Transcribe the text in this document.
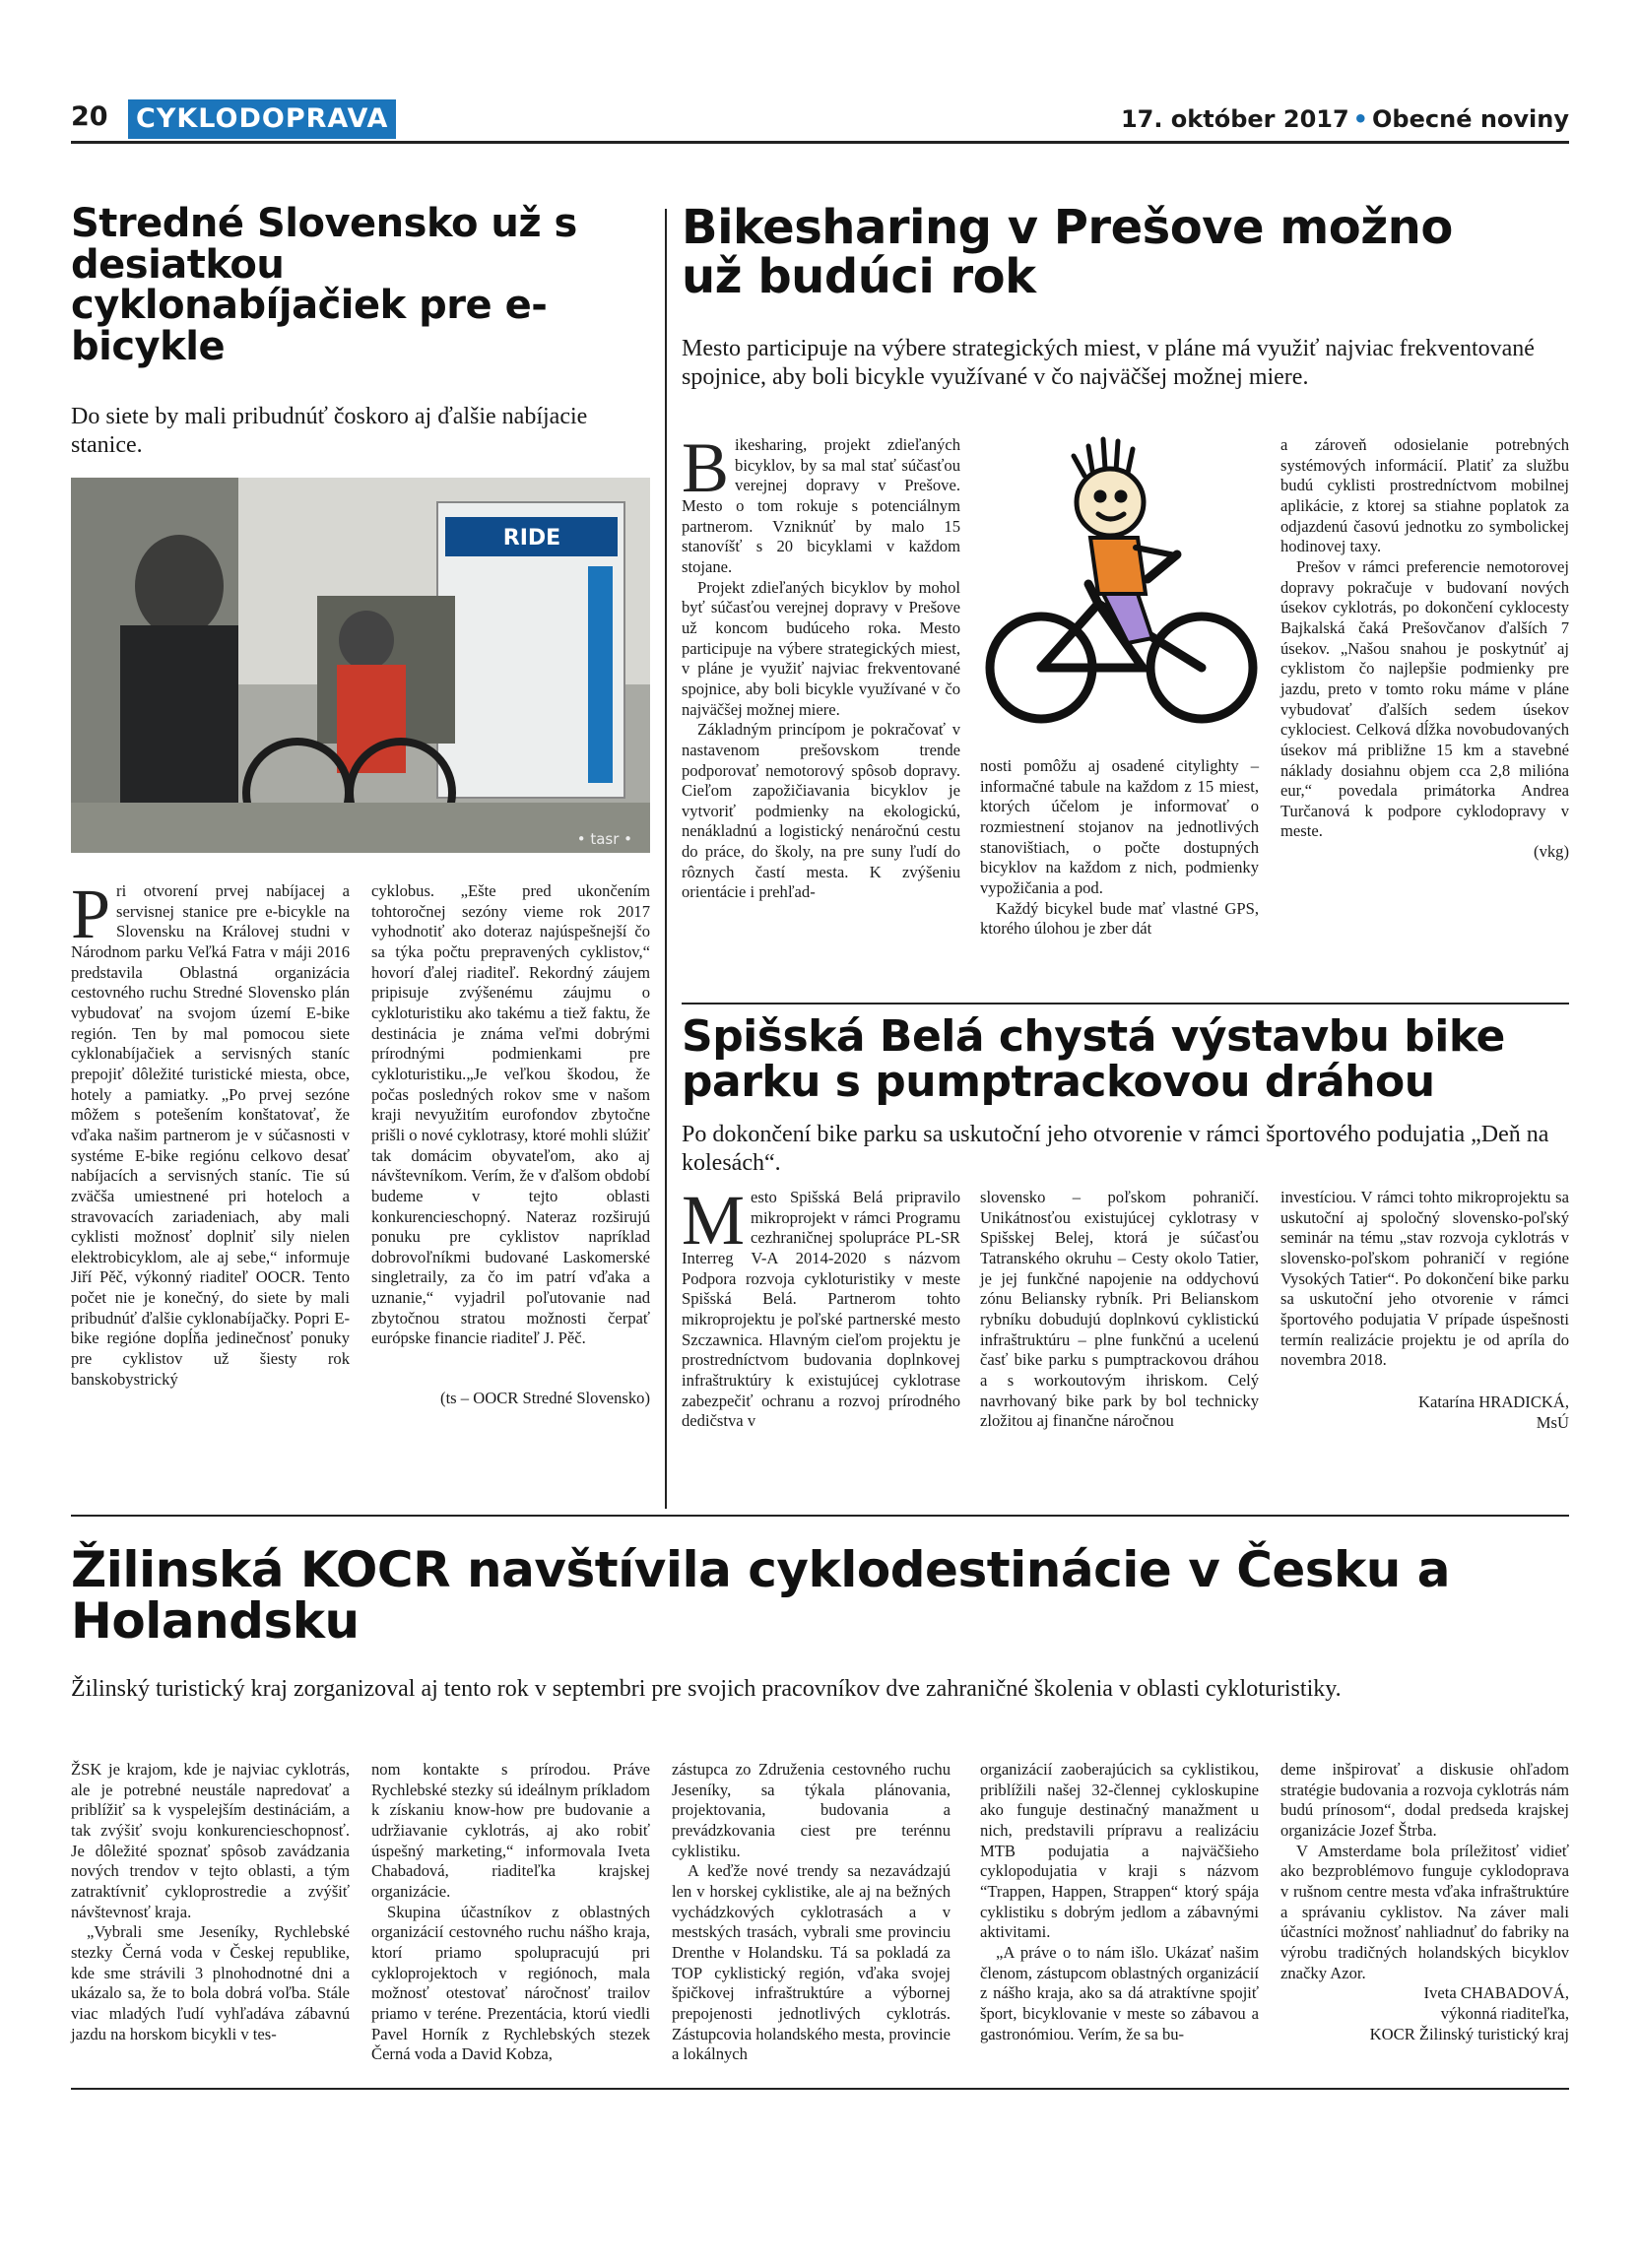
20 CYKLODOPRAVA	17. október 2017 • Obecné noviny
Stredné Slovensko už s desiatkou cyklonabíjačiek pre e-bicykle

Do siete by mali pribudnúť čoskoro aj ďalšie nabíjacie stanice.

RIDE
• tasr •

Pri otvorení prvej nabíjacej a servisnej stanice pre e-bicykle na Slovensku na Královej studni v Národnom parku Veľká Fatra v máji 2016 predstavila Oblastná organizácia cestovného ruchu Stredné Slovensko plán vybudovať na svojom území E-bike región. Ten by mal pomocou siete cyklonabíjačiek a servisných staníc prepojiť dôležité turistické miesta, obce, hotely a pamiatky. „Po prvej sezóne môžem s potešením konštatovať, že vďaka našim partnerom je v súčasnosti v systéme E-bike regiónu celkovo desať nabíjacích a servisných staníc. Tie sú zväčša umiestnené pri hoteloch a stravovacích zariadeniach, aby mali cyklisti možnosť doplniť sily nielen elektrobicyklom, ale aj sebe,“ informuje Jiří Pěč, výkonný riaditeľ OOCR. Tento počet nie je konečný, do siete by mali pribudnúť ďalšie cyklonabíjačky. Popri E-bike regióne dopĺňa jedinečnosť ponuky pre cyklistov už šiesty rok banskobystrický

cyklobus. „Ešte pred ukončením tohtoročnej sezóny vieme rok 2017 vyhodnotiť ako doteraz najúspešnejší čo sa týka počtu prepravených cyklistov,“ hovorí ďalej riaditeľ. Rekordný záujem pripisuje zvýšenému záujmu o cykloturistiku ako takému a tiež faktu, že destinácia je známa veľmi dobrými prírodnými podmienkami pre cykloturistiku.„Je veľkou škodou, že počas posledných rokov sme v našom kraji nevyužitím eurofondov zbytočne prišli o nové cyklotrasy, ktoré mohli slúžiť tak domácim obyvateľom, ako aj návštevníkom. Verím, že v ďalšom období budeme v tejto oblasti konkurencieschopný. Nateraz rozširujú ponuku pre cyklistov napríklad dobrovoľníkmi budované Laskomerské singletraily, za čo im patrí vďaka a uznanie,“ vyjadril poľutovanie nad zbytočnou stratou možnosti čerpať európske financie riaditeľ J. Pěč.

(ts – OOCR Stredné Slovensko)

Bikesharing v Prešove možno už budúci rok

Mesto participuje na výbere strategických miest, v pláne má využiť najviac frekventované spojnice, aby boli bicykle využívané v čo najväčšej možnej miere.

Bikesharing, projekt zdieľaných bicyklov, by sa mal stať súčasťou verejnej dopravy v Prešove. Mesto o tom rokuje s potenciálnym partnerom. Vzniknúť by malo 15 stanovíšť s 20 bicyklami v každom stojane.

Projekt zdieľaných bicyklov by mohol byť súčasťou verejnej dopravy v Prešove už koncom budúceho roka. Mesto participuje na výbere strategických miest, v pláne je využiť najviac frekventované spojnice, aby boli bicykle využívané v čo najväčšej možnej miere.

Základným princípom je pokračovať v nastavenom prešovskom trende podporovať nemotorový spôsob dopravy. Cieľom zapožičiavania bicyklov je vytvoriť podmienky na ekologickú, nenákladnú a logistický nenáročnú cestu do práce, do školy, na pre suny ľudí do rôznych častí mesta. K zvýšeniu orientácie i prehľad-

nosti pomôžu aj osadené citylighty – informačné tabule na každom z 15 miest, ktorých účelom je informovať o rozmiestnení stojanov na jednotlivých stanovištiach, o počte dostupných bicyklov na každom z nich, podmienky vypožičania a pod.

Každý bicykel bude mať vlastné GPS, ktorého úlohou je zber dát

a zároveň odosielanie potrebných systémových informácií. Platiť za službu budú cyklisti prostredníctvom mobilnej aplikácie, z ktorej sa stiahne poplatok za odjazdenú časovú jednotku zo symbolickej hodinovej taxy.

Prešov v rámci preferencie nemotorovej dopravy pokračuje v budovaní nových úsekov cyklotrás, po dokončení cyklocesty Bajkalská čaká Prešovčanov ďalších 7 úsekov. „Našou snahou je poskytnúť aj cyklistom čo najlepšie podmienky pre jazdu, preto v tomto roku máme v pláne vybudovať ďalších sedem úsekov cyklociest. Celková dĺžka novobudovaných úsekov má približne 15 km a stavebné náklady dosiahnu objem cca 2,8 milióna eur,“ povedala primátorka Andrea Turčanová k podpore cyklodopravy v meste.

(vkg)

Spišská Belá chystá výstavbu bike parku s pumptrackovou dráhou

Po dokončení bike parku sa uskutoční jeho otvorenie v rámci športového podujatia „Deň na kolesách“.

Mesto Spišská Belá pripravilo mikroprojekt v rámci Programu cezhraničnej spolupráce PL-SR Interreg V-A 2014-2020 s názvom Podpora rozvoja cykloturistiky v meste Spišská Belá. Partnerom tohto mikroprojektu je poľské partnerské mesto Szczawnica. Hlavným cieľom projektu je prostredníctvom budovania doplnkovej infraštruktúry k existujúcej cyklotrase zabezpečiť ochranu a rozvoj prírodného dedičstva v

slovensko – poľskom pohraničí. Unikátnosťou existujúcej cyklotrasy v Spišskej Belej, ktorá je súčasťou Tatranského okruhu – Cesty okolo Tatier, je jej funkčné napojenie na oddychovú zónu Beliansky rybník. Pri Belianskom rybníku dobudujú doplnkovú cyklistickú infraštruktúru – plne funkčnú a ucelenú časť bike parku s pumptrackovou dráhou a s workoutovým ihriskom. Celý navrhovaný bike park by bol technicky zložitou aj finančne náročnou

investíciou. V rámci tohto mikroprojektu sa uskutoční aj spoločný slovensko-poľský seminár na tému „stav rozvoja cyklotrás v slovensko-poľskom pohraničí v regióne Vysokých Tatier“. Po dokončení bike parku sa uskutoční jeho otvorenie v rámci športového podujatia V prípade úspešnosti termín realizácie projektu je od apríla do novembra 2018.

Katarína HRADICKÁ,

MsÚ

Žilinská KOCR navštívila cyklodestinácie v Česku a Holandsku

Žilinský turistický kraj zorganizoval aj tento rok v septembri pre svojich pracovníkov dve zahraničné školenia v oblasti cykloturistiky.

ŽSK je krajom, kde je najviac cyklotrás, ale je potrebné neustále napredovať a priblížiť sa k vyspelejším destináciám, a tak zvýšiť svoju konkurencieschopnosť. Je dôležité spoznať spôsob zavádzania nových trendov v tejto oblasti, a tým zatraktívniť cykloprostredie a zvýšiť návštevnosť kraja.

„Vybrali sme Jeseníky, Rychlebské stezky Černá voda v Českej republike, kde sme strávili 3 plnohodnotné dni a ukázalo sa, že to bola dobrá voľba. Stále viac mladých ľudí vyhľadáva zábavnú jazdu na horskom bicykli v tes-

nom kontakte s prírodou. Práve Rychlebské stezky sú ideálnym príkladom k získaniu know-how pre budovanie a udržiavanie cyklotrás, aj ako robiť úspešný marketing,“ informovala Iveta Chabadová, riaditeľka krajskej organizácie.

Skupina účastníkov z oblastných organizácií cestovného ruchu nášho kraja, ktorí priamo spolupracujú pri cykloprojektoch v regiónoch, mala možnosť otestovať náročnosť trailov priamo v teréne. Prezentácia, ktorú viedli Pavel Horník z Rychlebských stezek Černá voda a David Kobza,

zástupca zo Združenia cestovného ruchu Jeseníky, sa týkala plánovania, projektovania, budovania a prevádzkovania ciest pre terénnu cyklistiku.

A keďže nové trendy sa nezavádzajú len v horskej cyklistike, ale aj na bežných vychádzkových cyklotrasách a v mestských trasách, vybrali sme provinciu Drenthe v Holandsku. Tá sa pokladá za TOP cyklistický región, vďaka svojej špičkovej infraštruktúre a výbornej prepojenosti jednotlivých cyklotrás. Zástupcovia holandského mesta, provincie a lokálnych

organizácií zaoberajúcich sa cyklistikou, priblížili našej 32-člennej cykloskupine ako funguje destinačný manažment u nich, predstavili prípravu a realizáciu MTB podujatia a najväčšieho cyklopodujatia v kraji s názvom “Trappen, Happen, Strappen“ ktorý spája cyklistiku s dobrým jedlom a zábavnými aktivitami.

„A práve o to nám išlo. Ukázať našim členom, zástupcom oblastných organizácií z nášho kraja, ako sa dá atraktívne spojiť šport, bicyklovanie v meste so zábavou a gastronómiou. Verím, že sa bu-

deme inšpirovať a diskusie ohľadom stratégie budovania a rozvoja cyklotrás nám budú prínosom“, dodal predseda krajskej organizácie Jozef Štrba.

V Amsterdame bola príležitosť vidieť ako bezproblémovo funguje cyklodoprava v rušnom centre mesta vďaka infraštruktúre a správaniu cyklistov. Na záver mali účastníci možnosť nahliadnuť do fabriky na výrobu tradičných holandských bicyklov značky Azor.

Iveta CHABADOVÁ,

výkonná riaditeľka,

KOCR Žilinský turistický kraj
